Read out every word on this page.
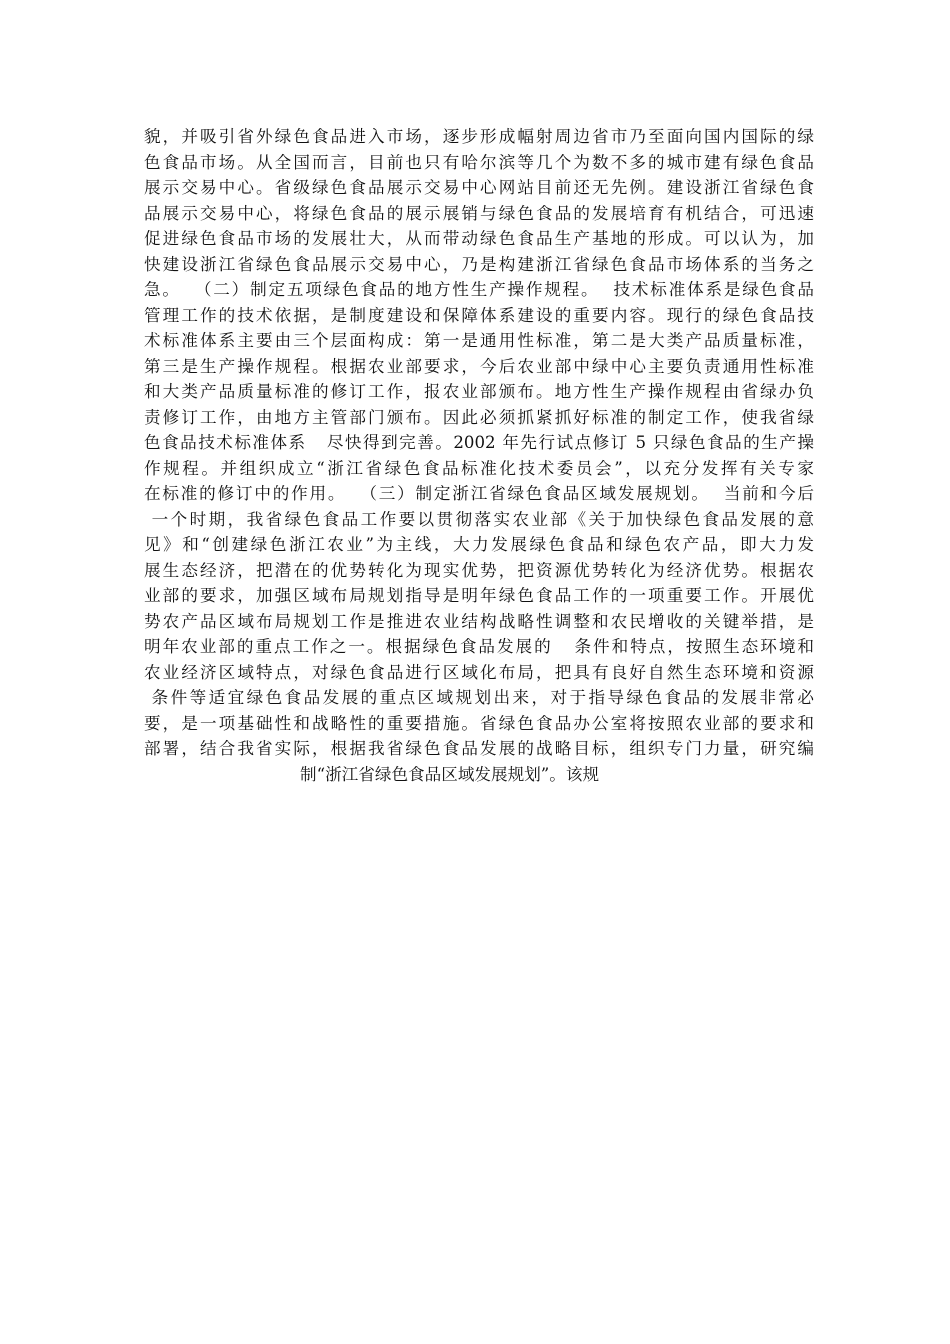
貌，并吸引省外绿色食品进入市场，逐步形成幅射周边省市乃至面向国内国际的绿
色食品市场。从全国而言，目前也只有哈尔滨等几个为数不多的城市建有绿色食品
展示交易中心。省级绿色食品展示交易中心网站目前还无先例。建设浙江省绿色食
品展示交易中心，将绿色食品的展示展销与绿色食品的发展培育有机结合，可迅速
促进绿色食品市场的发展壮大，从而带动绿色食品生产基地的形成。可以认为，加
快建设浙江省绿色食品展示交易中心，乃是构建浙江省绿色食品市场体系的当务之
急。  （二）制定五项绿色食品的地方性生产操作规程。  技术标准体系是绿色食品
管理工作的技术依据，是制度建设和保障体系建设的重要内容。现行的绿色食品技
术标准体系主要由三个层面构成：第一是通用性标准，第二是大类产品质量标准，
第三是生产操作规程。根据农业部要求，今后农业部中绿中心主要负责通用性标准
和大类产品质量标准的修订工作，报农业部颁布。地方性生产操作规程由省绿办负
责修订工作，由地方主管部门颁布。因此必须抓紧抓好标准的制定工作，使我省绿
色食品技术标准体系   尽快得到完善。2002 年先行试点修订 5 只绿色食品的生产操
作规程。并组织成立“浙江省绿色食品标准化技术委员会”，以充分发挥有关专家
在标准的修订中的作用。  （三）制定浙江省绿色食品区域发展规划。  当前和今后
一个时期，我省绿色食品工作要以贯彻落实农业部《关于加快绿色食品发展的意
见》和“创建绿色浙江农业”为主线，大力发展绿色食品和绿色农产品，即大力发
展生态经济，把潜在的优势转化为现实优势，把资源优势转化为经济优势。根据农
业部的要求，加强区域布局规划指导是明年绿色食品工作的一项重要工作。开展优
势农产品区域布局规划工作是推进农业结构战略性调整和农民增收的关键举措，是
明年农业部的重点工作之一。根据绿色食品发展的   条件和特点，按照生态环境和
农业经济区域特点，对绿色食品进行区域化布局，把具有良好自然生态环境和资源
条件等适宜绿色食品发展的重点区域规划出来，对于指导绿色食品的发展非常必
要，是一项基础性和战略性的重要措施。省绿色食品办公室将按照农业部的要求和
部署，结合我省实际，根据我省绿色食品发展的战略目标，组织专门力量，研究编
制“浙江省绿色食品区域发展规划”。该规
